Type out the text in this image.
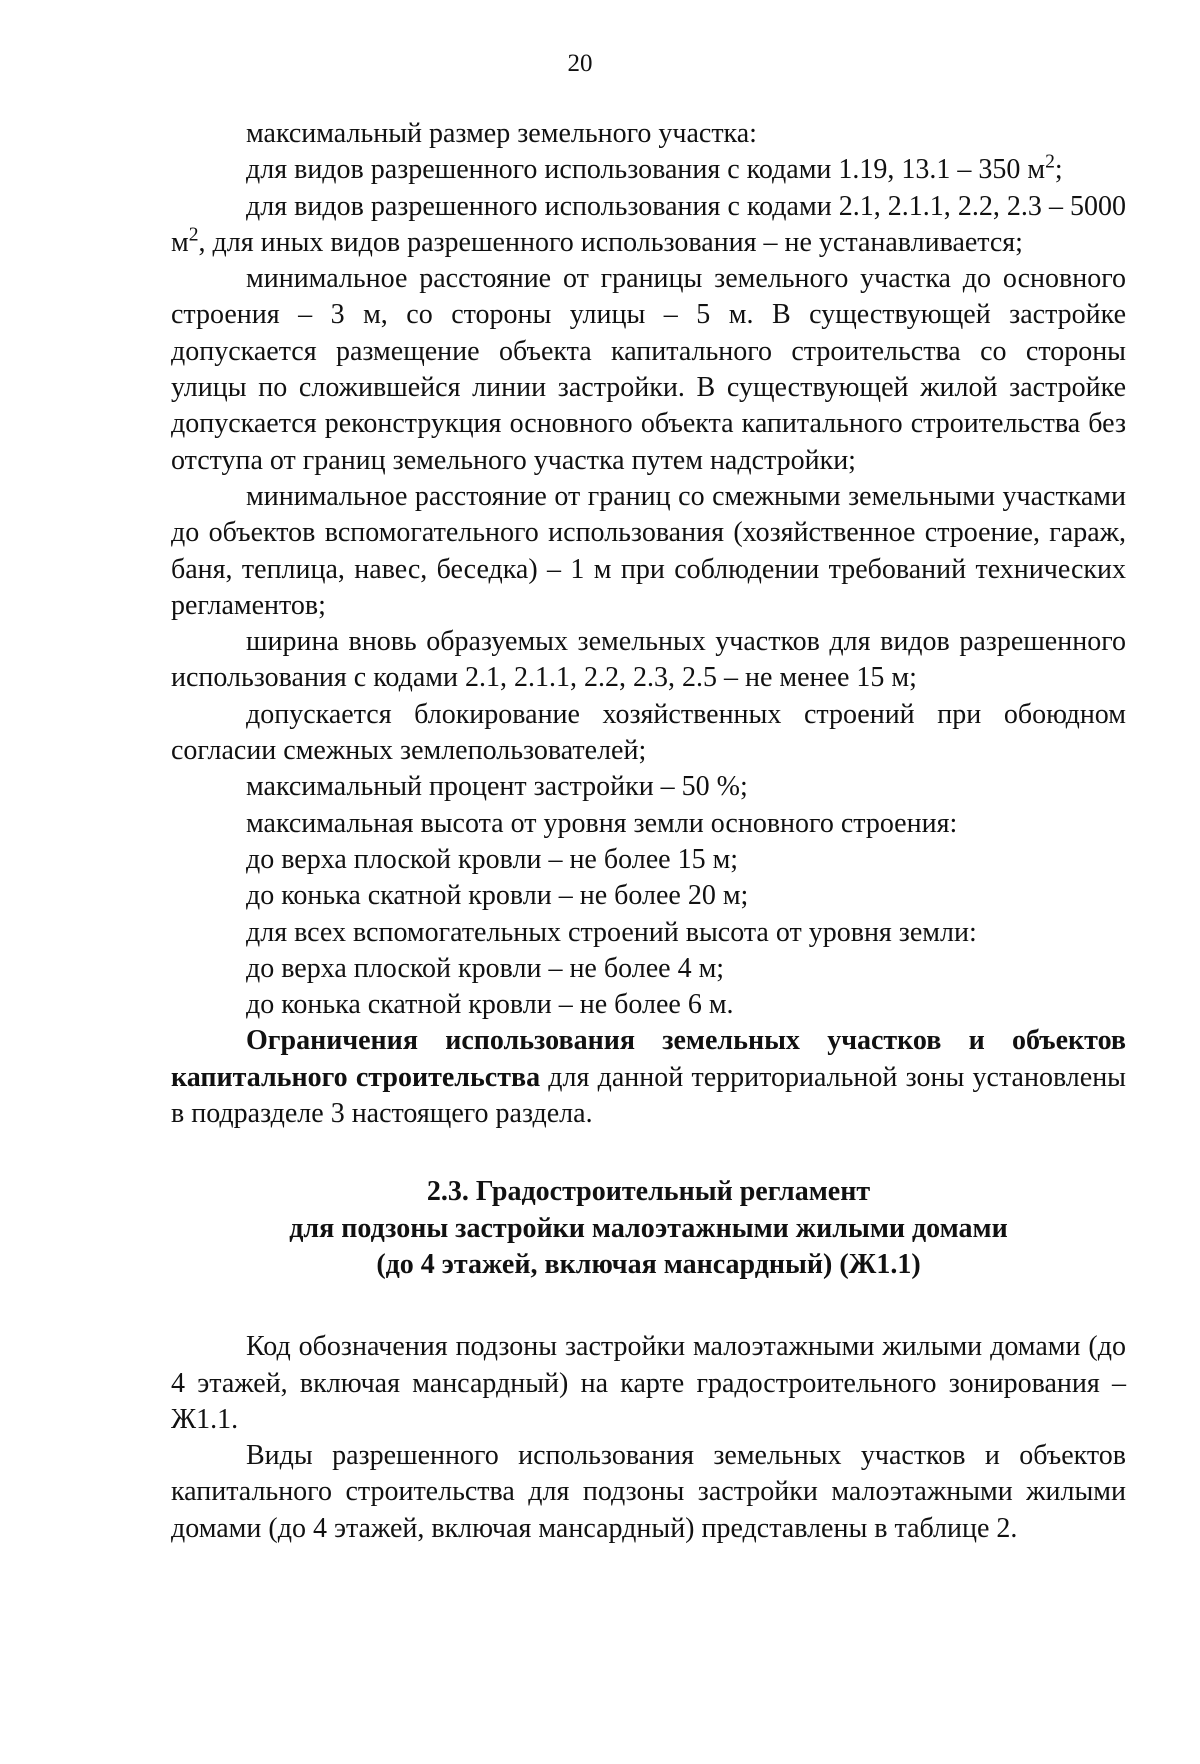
20

максимальный размер земельного участка:

для видов разрешенного использования с кодами 1.19, 13.1 – 350 $м^2$;

для видов разрешенного использования с кодами 2.1, 2.1.1, 2.2, 2.3 – 5000 $м^2$, для иных видов разрешенного использования – не устанавливается;

минимальное расстояние от границы земельного участка до основного строения – 3 м, со стороны улицы – 5 м. В существующей застройке допускается размещение объекта капитального строительства со стороны улицы по сложившейся линии застройки. В существующей жилой застройке допускается реконструкция основного объекта капитального строительства без отступа от границ земельного участка путем надстройки;

минимальное расстояние от границ со смежными земельными участками до объектов вспомогательного использования (хозяйственное строение, гараж, баня, теплица, навес, беседка) – 1 м при соблюдении требований технических регламентов;

ширина вновь образуемых земельных участков для видов разрешенного использования с кодами 2.1, 2.1.1, 2.2, 2.3, 2.5 – не менее 15 м;

допускается блокирование хозяйственных строений при обоюдном согласии смежных землепользователей;

максимальный процент застройки – 50 %;

максимальная высота от уровня земли основного строения:

до верха плоской кровли – не более 15 м;

до конька скатной кровли – не более 20 м;

для всех вспомогательных строений высота от уровня земли:

до верха плоской кровли – не более 4 м;

до конька скатной кровли – не более 6 м.

Ограничения использования земельных участков и объектов капитального строительства для данной территориальной зоны установлены в подразделе 3 настоящего раздела.

2.3. Градостроительный регламент
для подзоны застройки малоэтажными жилыми домами
(до 4 этажей, включая мансардный) (Ж1.1)

Код обозначения подзоны застройки малоэтажными жилыми домами (до 4 этажей, включая мансардный) на карте градостроительного зонирования – Ж1.1.

Виды разрешенного использования земельных участков и объектов капитального строительства для подзоны застройки малоэтажными жилыми домами (до 4 этажей, включая мансардный) представлены в таблице 2.
